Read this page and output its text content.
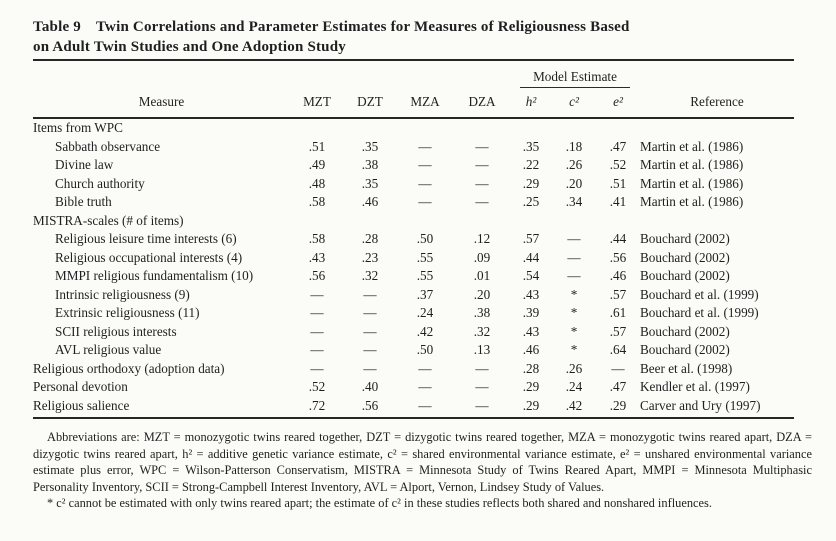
Table 9 Twin Correlations and Parameter Estimates for Measures of Religiousness Based
on Adult Twin Studies and One Adoption Study

					Model Estimate			

Measure	MZT	DZT	MZA	DZA	h²	c²	e²	Reference
Items from WPC								
Sabbath observance	.51	.35	—	—	.35	.18	.47	Martin et al. (1986)
Divine law	.49	.38	—	—	.22	.26	.52	Martin et al. (1986)
Church authority	.48	.35	—	—	.29	.20	.51	Martin et al. (1986)
Bible truth	.58	.46	—	—	.25	.34	.41	Martin et al. (1986)
MISTRA-scales (# of items)								
Religious leisure time interests (6)	.58	.28	.50	.12	.57	—	.44	Bouchard (2002)
Religious occupational interests (4)	.43	.23	.55	.09	.44	—	.56	Bouchard (2002)
MMPI religious fundamentalism (10)	.56	.32	.55	.01	.54	—	.46	Bouchard (2002)
Intrinsic religiousness (9)	—	—	.37	.20	.43	*	.57	Bouchard et al. (1999)
Extrinsic religiousness (11)	—	—	.24	.38	.39	*	.61	Bouchard et al. (1999)
SCII religious interests	—	—	.42	.32	.43	*	.57	Bouchard (2002)
AVL religious value	—	—	.50	.13	.46	*	.64	Bouchard (2002)
Religious orthodoxy (adoption data)	—	—	—	—	.28	.26	—	Beer et al. (1998)
Personal devotion	.52	.40	—	—	.29	.24	.47	Kendler et al. (1997)
Religious salience	.72	.56	—	—	.29	.42	.29	Carver and Ury (1997)

Abbreviations are: MZT = monozygotic twins reared together, DZT = dizygotic twins reared together, MZA = monozygotic twins reared apart, DZA = dizygotic twins reared apart, h² = additive genetic variance estimate, c² = shared environmental variance estimate, e² = unshared environmental variance estimate plus error, WPC = Wilson-Patterson Conservatism, MISTRA = Minnesota Study of Twins Reared Apart, MMPI = Minnesota Multiphasic Personality Inventory, SCII = Strong-Campbell Interest Inventory, AVL = Alport, Vernon, Lindsey Study of Values.

* c² cannot be estimated with only twins reared apart; the estimate of c² in these studies reflects both shared and nonshared influences.
